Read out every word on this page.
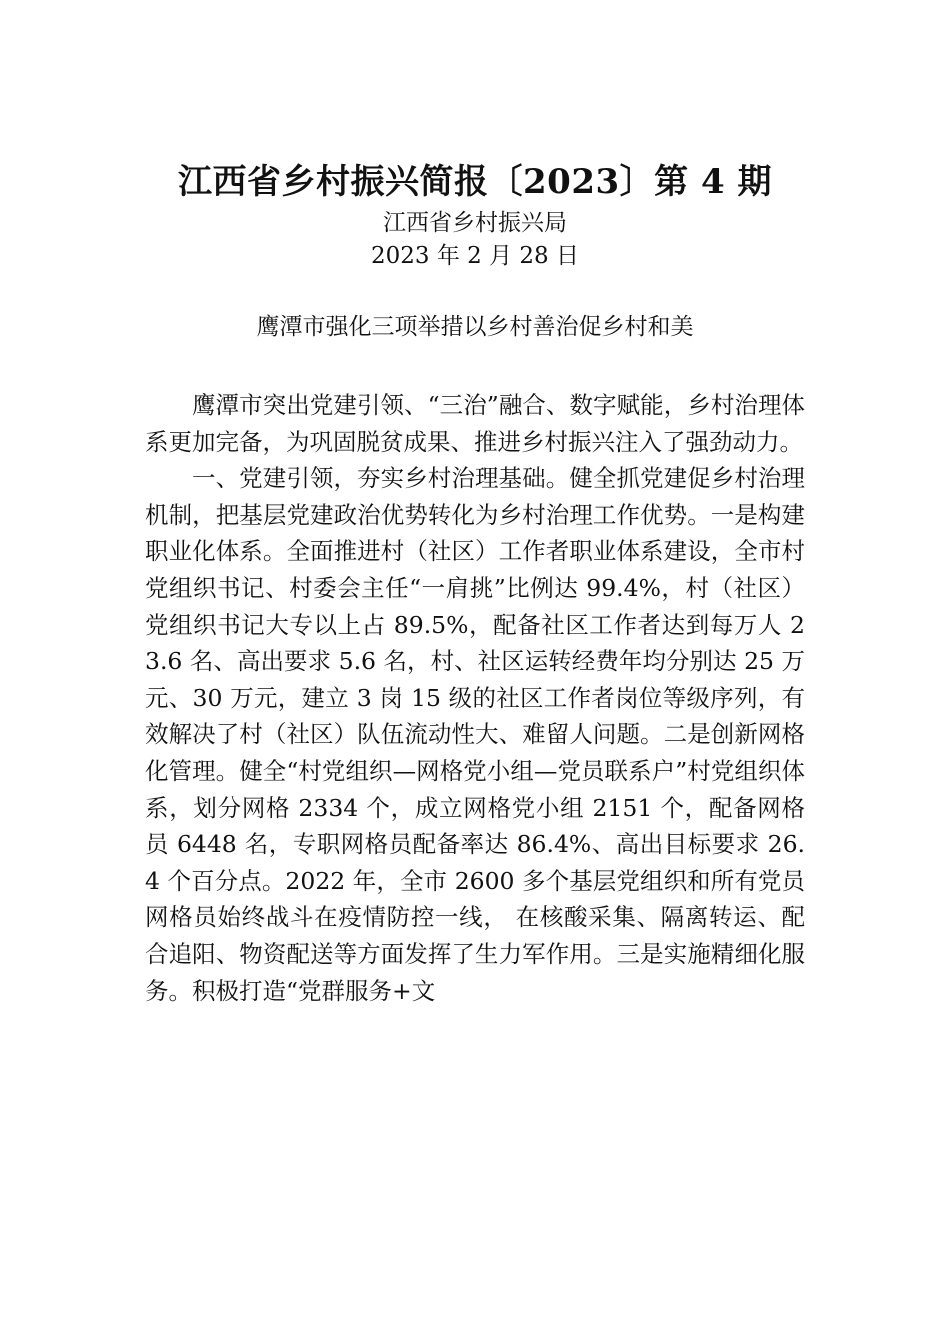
江西省乡村振兴简报〔2023〕第 4 期
江西省乡村振兴局
2023 年 2 月 28 日
鹰潭市强化三项举措以乡村善治促乡村和美

鹰潭市突出党建引领、“三治”融合、数字赋能，乡村治理体系更加完备，为巩固脱贫成果、推进乡村振兴注入了强劲动力。

一、党建引领，夯实乡村治理基础。健全抓党建促乡村治理机制，把基层党建政治优势转化为乡村治理工作优势。一是构建职业化体系。全面推进村（社区）工作者职业体系建设，全市村党组织书记、村委会主任“一肩挑”比例达 99.4%，村（社区）党组织书记大专以上占 89.5%，配备社区工作者达到每万人 23.6 名、高出要求 5.6 名，村、社区运转经费年均分别达 25 万元、30 万元，建立 3 岗 15 级的社区工作者岗位等级序列，有效解决了村（社区）队伍流动性大、难留人问题。二是创新网格化管理。健全“村党组织—网格党小组—党员联系户”村党组织体系，划分网格 2334 个，成立网格党小组 2151 个，配备网格员 6448 名，专职网格员配备率达 86.4%、高出目标要求 26.4 个百分点。2022 年，全市 2600 多个基层党组织和所有党员网格员始终战斗在疫情防控一线， 在核酸采集、隔离转运、配合追阳、物资配送等方面发挥了生力军作用。三是实施精细化服务。积极打造“党群服务+文
